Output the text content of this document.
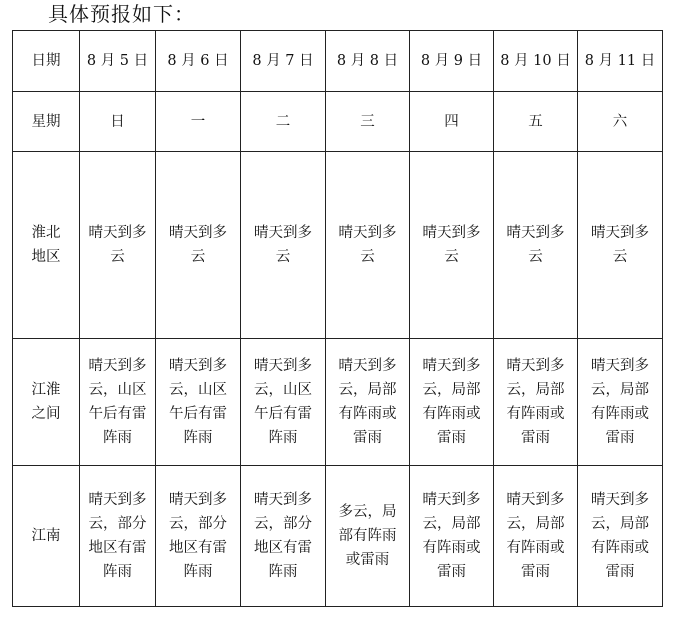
具体预报如下：
日期	8 月 5 日	8 月 6 日	8 月 7 日	8 月 8 日	8 月 9 日	8 月 10 日	8 月 11 日
星期	日	一	二	三	四	五	六
淮北地区	晴天到多云	晴天到多云	晴天到多云	晴天到多云	晴天到多云	晴天到多云	晴天到多云
江淮之间	晴天到多云，山区午后有雷阵雨	晴天到多云，山区午后有雷阵雨	晴天到多云，山区午后有雷阵雨	晴天到多云，局部有阵雨或雷雨	晴天到多云，局部有阵雨或雷雨	晴天到多云，局部有阵雨或雷雨	晴天到多云，局部有阵雨或雷雨
江南	晴天到多云，部分地区有雷阵雨	晴天到多云，部分地区有雷阵雨	晴天到多云，部分地区有雷阵雨	多云，局部有阵雨或雷雨	晴天到多云，局部有阵雨或雷雨	晴天到多云，局部有阵雨或雷雨	晴天到多云，局部有阵雨或雷雨
